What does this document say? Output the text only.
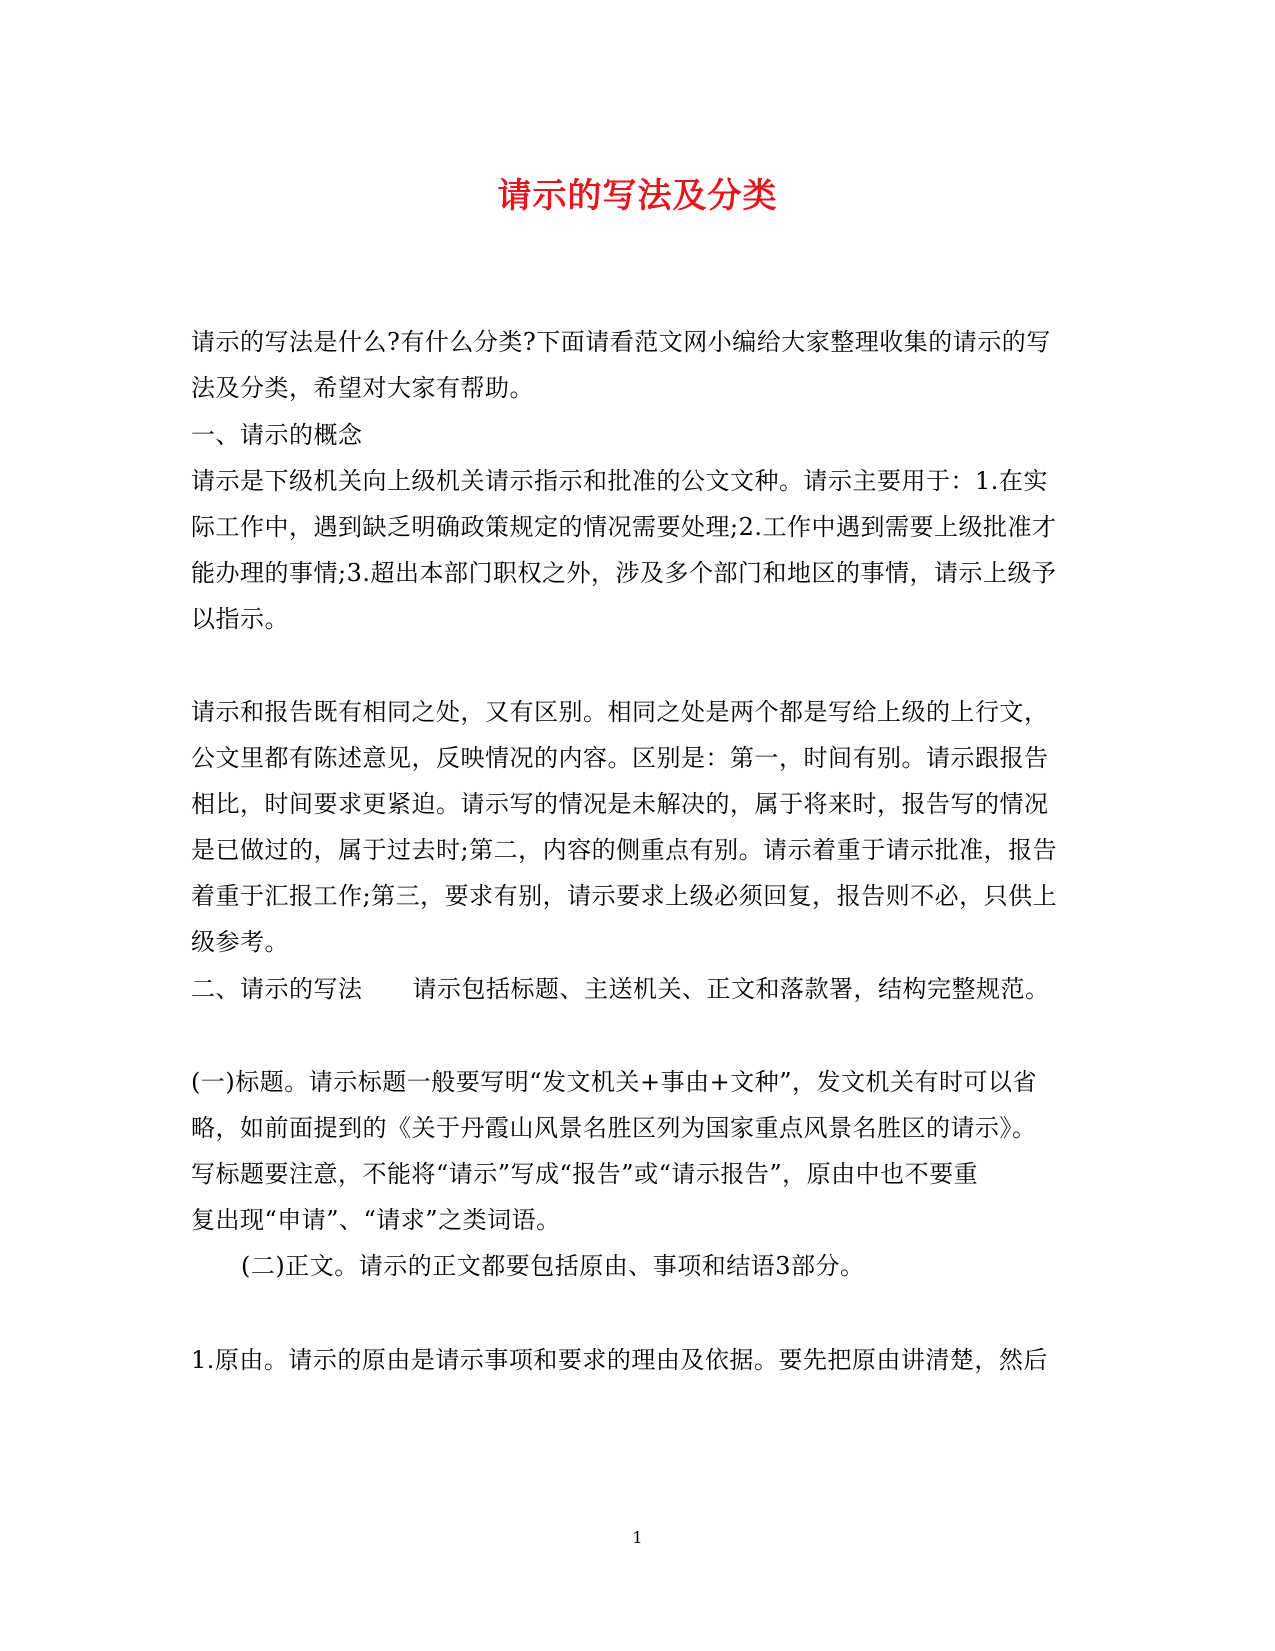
请示的写法及分类
请示的写法是什么?有什么分类?下面请看范文网小编给大家整理收集的请示的写
法及分类，希望对大家有帮助。
一、请示的概念
请示是下级机关向上级机关请示指示和批准的公文文种。请示主要用于：1.在实
际工作中，遇到缺乏明确政策规定的情况需要处理;2.工作中遇到需要上级批准才
能办理的事情;3.超出本部门职权之外，涉及多个部门和地区的事情，请示上级予
以指示。
请示和报告既有相同之处，又有区别。相同之处是两个都是写给上级的上行文，
公文里都有陈述意见，反映情况的内容。区别是：第一，时间有别。请示跟报告
相比，时间要求更紧迫。请示写的情况是未解决的，属于将来时，报告写的情况
是已做过的，属于过去时;第二，内容的侧重点有别。请示着重于请示批准，报告
着重于汇报工作;第三，要求有别，请示要求上级必须回复，报告则不必，只供上
级参考。
二、请示的写法 请示包括标题、主送机关、正文和落款署，结构完整规范。
(一)标题。请示标题一般要写明“发文机关+事由+文种”，发文机关有时可以省
略，如前面提到的《关于丹霞山风景名胜区列为国家重点风景名胜区的请示》。
写标题要注意，不能将“请示”写成“报告”或“请示报告”，原由中也不要重
复出现“申请”、“请求”之类词语。
(二)正文。请示的正文都要包括原由、事项和结语3部分。
1.原由。请示的原由是请示事项和要求的理由及依据。要先把原由讲清楚，然后
1
